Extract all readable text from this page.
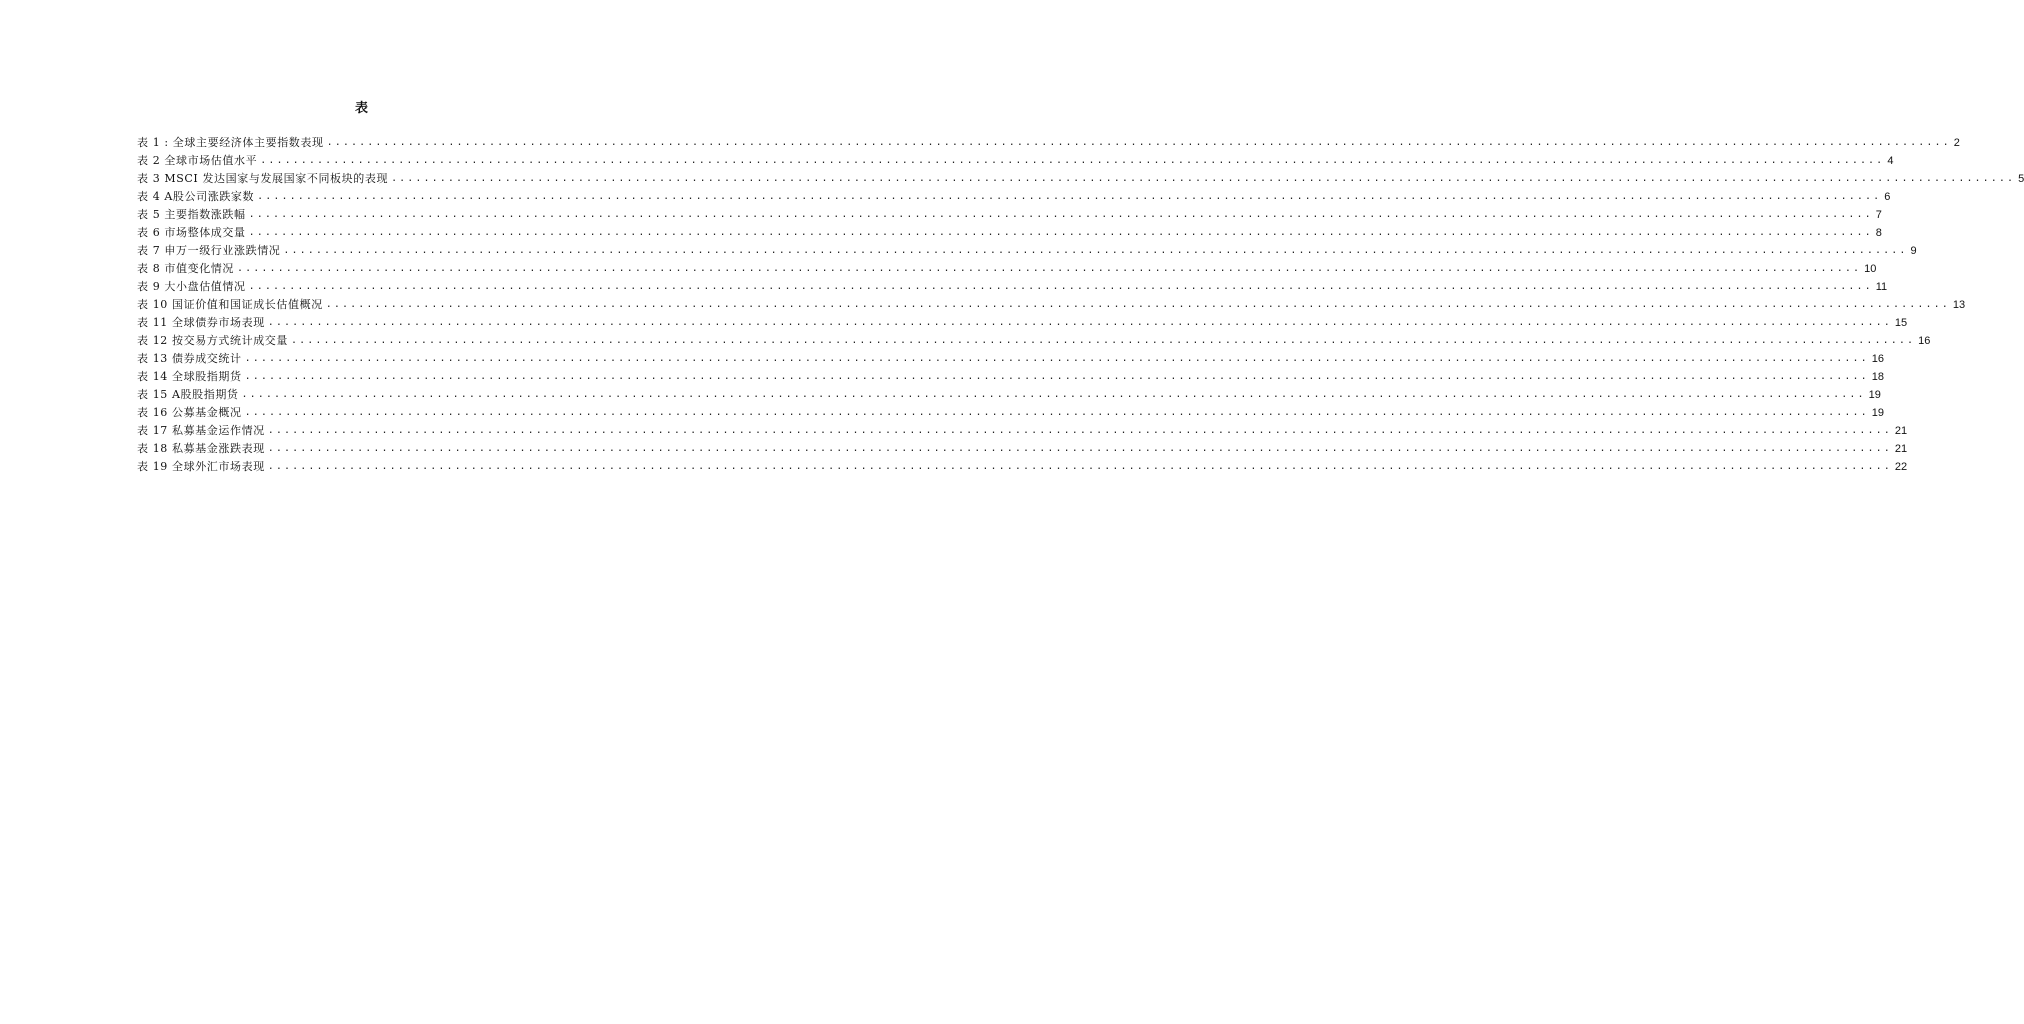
表
表 1 : 全球主要经济体主要指数表现 ........................................................................................................................................................................................................ 2
表 2 全球市场估值水平 ........................................................................................................................................................................................................ 4
表 3 MSCI 发达国家与发展国家不同板块的表现 ........................................................................................................................................................................................................ 5
表 4 A股公司涨跌家数 ........................................................................................................................................................................................................ 6
表 5 主要指数涨跌幅 ........................................................................................................................................................................................................ 7
表 6 市场整体成交量 ........................................................................................................................................................................................................ 8
表 7 申万一级行业涨跌情况 ........................................................................................................................................................................................................ 9
表 8 市值变化情况 ........................................................................................................................................................................................................ 10
表 9 大小盘估值情况 ........................................................................................................................................................................................................ 11
表 10 国证价值和国证成长估值概况 ........................................................................................................................................................................................................ 13
表 11 全球债券市场表现 ........................................................................................................................................................................................................ 15
表 12 按交易方式统计成交量 ........................................................................................................................................................................................................ 16
表 13 债券成交统计 ........................................................................................................................................................................................................ 16
表 14 全球股指期货 ........................................................................................................................................................................................................ 18
表 15 A股股指期货 ........................................................................................................................................................................................................ 19
表 16 公募基金概况 ........................................................................................................................................................................................................ 19
表 17 私募基金运作情况 ........................................................................................................................................................................................................ 21
表 18 私募基金涨跌表现 ........................................................................................................................................................................................................ 21
表 19 全球外汇市场表现 ........................................................................................................................................................................................................ 22
